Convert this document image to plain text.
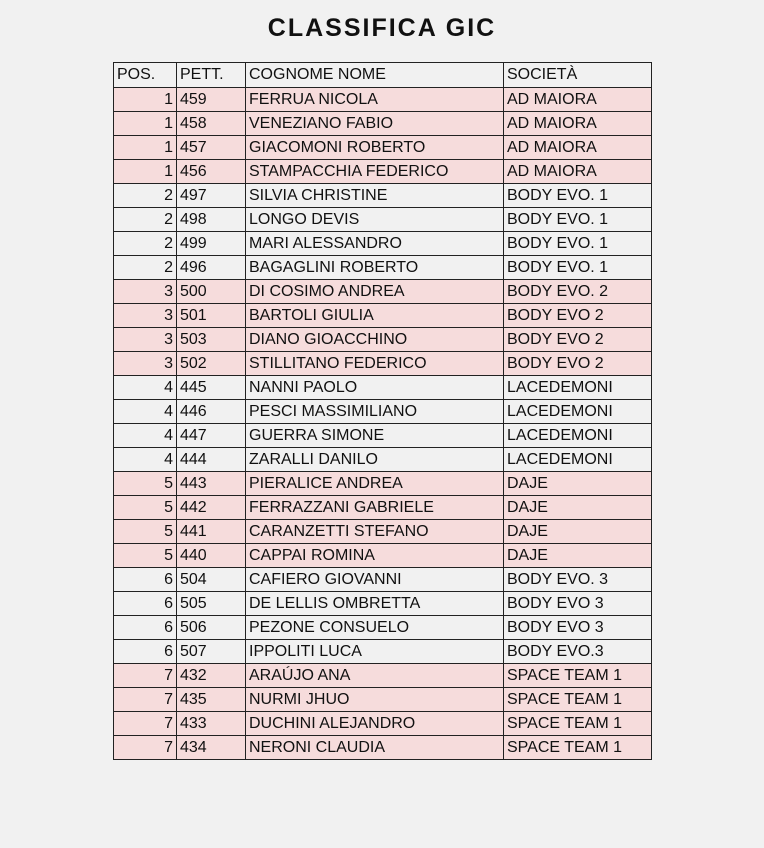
CLASSIFICA GIC
POS.	PETT.	COGNOME NOME	SOCIETÀ
1	459	FERRUA NICOLA	AD MAIORA
1	458	VENEZIANO FABIO	AD MAIORA
1	457	GIACOMONI ROBERTO	AD MAIORA
1	456	STAMPACCHIA FEDERICO	AD MAIORA
2	497	SILVIA CHRISTINE	BODY EVO. 1
2	498	LONGO DEVIS	BODY EVO. 1
2	499	MARI ALESSANDRO	BODY EVO. 1
2	496	BAGAGLINI ROBERTO	BODY EVO. 1
3	500	DI COSIMO ANDREA	BODY EVO. 2
3	501	BARTOLI GIULIA	BODY EVO 2
3	503	DIANO GIOACCHINO	BODY EVO 2
3	502	STILLITANO FEDERICO	BODY EVO 2
4	445	NANNI PAOLO	LACEDEMONI
4	446	PESCI MASSIMILIANO	LACEDEMONI
4	447	GUERRA SIMONE	LACEDEMONI
4	444	ZARALLI DANILO	LACEDEMONI
5	443	PIERALICE ANDREA	DAJE
5	442	FERRAZZANI GABRIELE	DAJE
5	441	CARANZETTI STEFANO	DAJE
5	440	CAPPAI ROMINA	DAJE
6	504	CAFIERO GIOVANNI	BODY EVO. 3
6	505	DE LELLIS OMBRETTA	BODY EVO 3
6	506	PEZONE CONSUELO	BODY EVO 3
6	507	IPPOLITI LUCA	BODY EVO.3
7	432	ARAÚJO ANA	SPACE TEAM 1
7	435	NURMI JHUO	SPACE TEAM 1
7	433	DUCHINI ALEJANDRO	SPACE TEAM 1
7	434	NERONI CLAUDIA	SPACE TEAM 1
